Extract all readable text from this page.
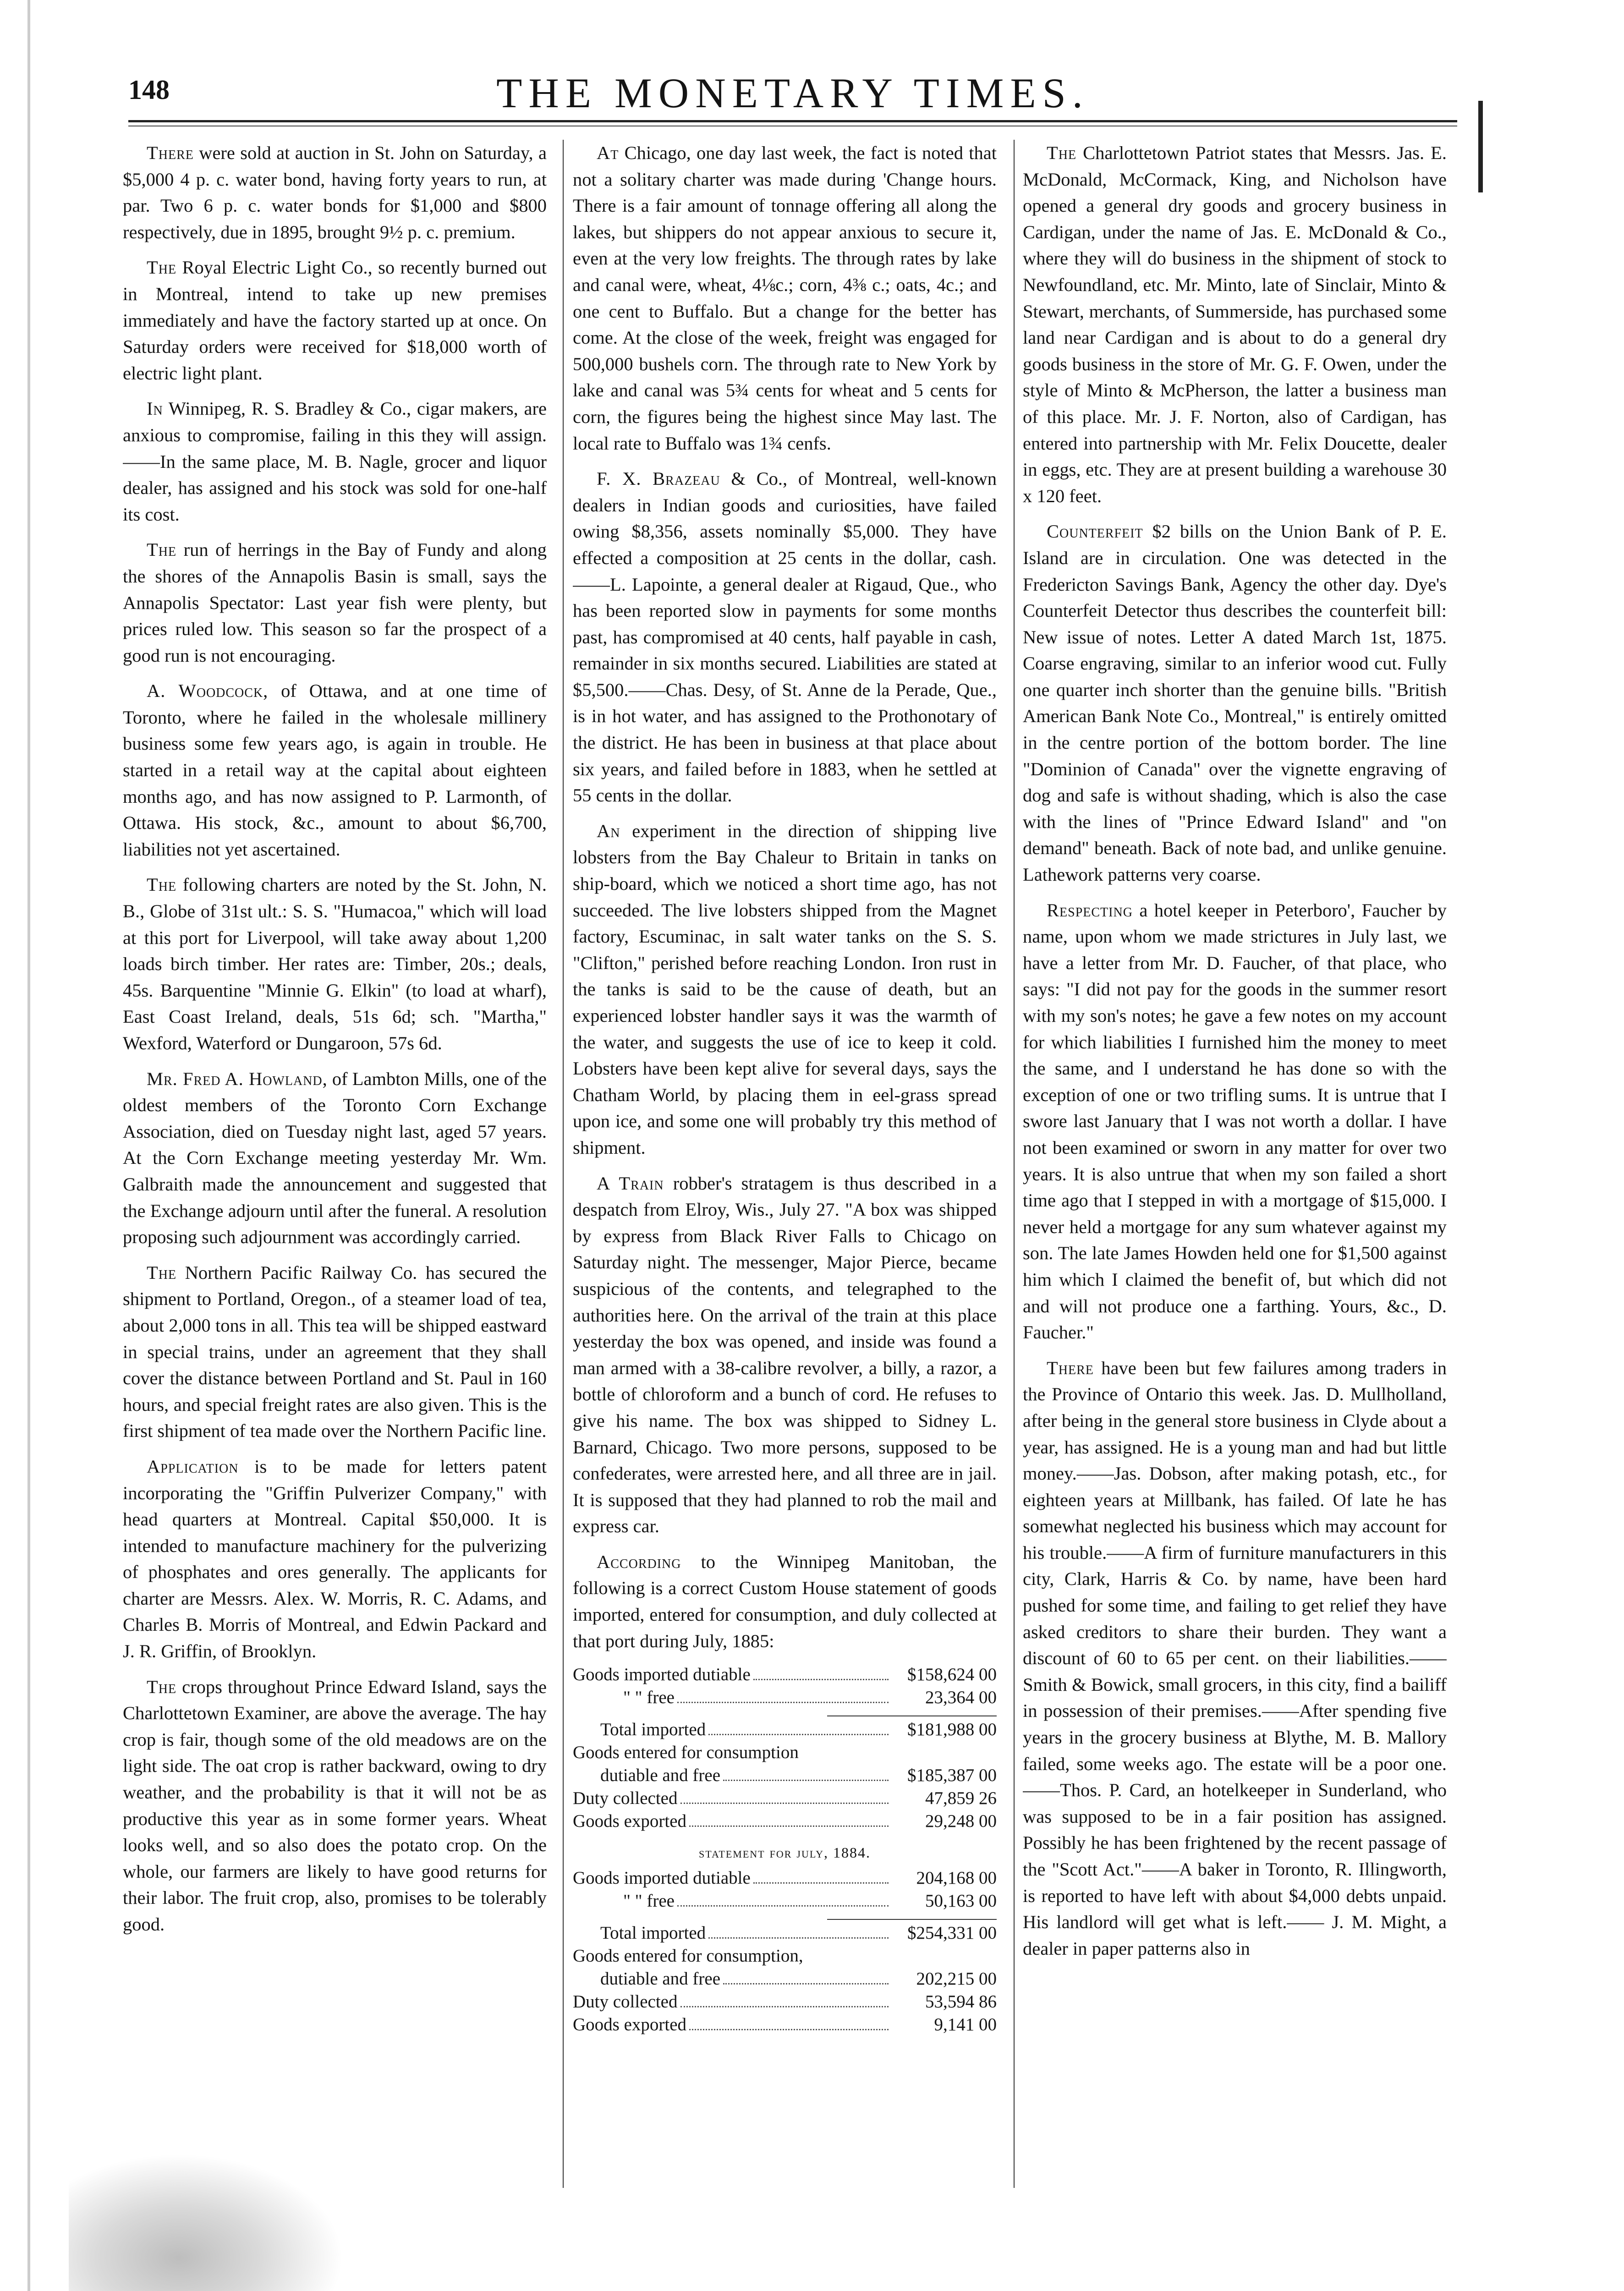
148	THE MONETARY TIMES.

There were sold at auction in St. John on Saturday, a $5,000 4 p. c. water bond, having forty years to run, at par. Two 6 p. c. water bonds for $1,000 and $800 respectively, due in 1895, brought 9½ p. c. premium.

The Royal Electric Light Co., so recently burned out in Montreal, intend to take up new premises immediately and have the factory started up at once. On Saturday orders were received for $18,000 worth of electric light plant.

In Winnipeg, R. S. Bradley & Co., cigar makers, are anxious to compromise, failing in this they will assign.——In the same place, M. B. Nagle, grocer and liquor dealer, has assigned and his stock was sold for one-half its cost.

The run of herrings in the Bay of Fundy and along the shores of the Annapolis Basin is small, says the Annapolis Spectator: Last year fish were plenty, but prices ruled low. This season so far the prospect of a good run is not encouraging.

A. Woodcock, of Ottawa, and at one time of Toronto, where he failed in the wholesale millinery business some few years ago, is again in trouble. He started in a retail way at the capital about eighteen months ago, and has now assigned to P. Larmonth, of Ottawa. His stock, &c., amount to about $6,700, liabilities not yet ascertained.

The following charters are noted by the St. John, N. B., Globe of 31st ult.: S. S. "Humacoa," which will load at this port for Liverpool, will take away about 1,200 loads birch timber. Her rates are: Timber, 20s.; deals, 45s. Barquentine "Minnie G. Elkin" (to load at wharf), East Coast Ireland, deals, 51s 6d; sch. "Martha," Wexford, Waterford or Dungaroon, 57s 6d.

Mr. Fred A. Howland, of Lambton Mills, one of the oldest members of the Toronto Corn Exchange Association, died on Tuesday night last, aged 57 years. At the Corn Exchange meeting yesterday Mr. Wm. Galbraith made the announcement and suggested that the Exchange adjourn until after the funeral. A resolution proposing such adjournment was accordingly carried.

The Northern Pacific Railway Co. has secured the shipment to Portland, Oregon., of a steamer load of tea, about 2,000 tons in all. This tea will be shipped eastward in special trains, under an agreement that they shall cover the distance between Portland and St. Paul in 160 hours, and special freight rates are also given. This is the first shipment of tea made over the Northern Pacific line.

Application is to be made for letters patent incorporating the "Griffin Pulverizer Company," with head quarters at Montreal. Capital $50,000. It is intended to manufacture machinery for the pulverizing of phosphates and ores generally. The applicants for charter are Messrs. Alex. W. Morris, R. C. Adams, and Charles B. Morris of Montreal, and Edwin Packard and J. R. Griffin, of Brooklyn.

The crops throughout Prince Edward Island, says the Charlottetown Examiner, are above the average. The hay crop is fair, though some of the old meadows are on the light side. The oat crop is rather backward, owing to dry weather, and the probability is that it will not be as productive this year as in some former years. Wheat looks well, and so also does the potato crop. On the whole, our farmers are likely to have good returns for their labor. The fruit crop, also, promises to be tolerably good.

At Chicago, one day last week, the fact is noted that not a solitary charter was made during 'Change hours. There is a fair amount of tonnage offering all along the lakes, but shippers do not appear anxious to secure it, even at the very low freights. The through rates by lake and canal were, wheat, 4⅛c.; corn, 4⅜ c.; oats, 4c.; and one cent to Buffalo. But a change for the better has come. At the close of the week, freight was engaged for 500,000 bushels corn. The through rate to New York by lake and canal was 5¾ cents for wheat and 5 cents for corn, the figures being the highest since May last. The local rate to Buffalo was 1¾ cenfs.

F. X. Brazeau & Co., of Montreal, well-known dealers in Indian goods and curiosities, have failed owing $8,356, assets nominally $5,000. They have effected a composition at 25 cents in the dollar, cash.——L. Lapointe, a general dealer at Rigaud, Que., who has been reported slow in payments for some months past, has compromised at 40 cents, half payable in cash, remainder in six months secured. Liabilities are stated at $5,500.——Chas. Desy, of St. Anne de la Perade, Que., is in hot water, and has assigned to the Prothonotary of the district. He has been in business at that place about six years, and failed before in 1883, when he settled at 55 cents in the dollar.

An experiment in the direction of shipping live lobsters from the Bay Chaleur to Britain in tanks on ship-board, which we noticed a short time ago, has not succeeded. The live lobsters shipped from the Magnet factory, Escuminac, in salt water tanks on the S. S. "Clifton," perished before reaching London. Iron rust in the tanks is said to be the cause of death, but an experienced lobster handler says it was the warmth of the water, and suggests the use of ice to keep it cold. Lobsters have been kept alive for several days, says the Chatham World, by placing them in eel-grass spread upon ice, and some one will probably try this method of shipment.

A Train robber's stratagem is thus described in a despatch from Elroy, Wis., July 27. "A box was shipped by express from Black River Falls to Chicago on Saturday night. The messenger, Major Pierce, became suspicious of the contents, and telegraphed to the authorities here. On the arrival of the train at this place yesterday the box was opened, and inside was found a man armed with a 38-calibre revolver, a billy, a razor, a bottle of chloroform and a bunch of cord. He refuses to give his name. The box was shipped to Sidney L. Barnard, Chicago. Two more persons, supposed to be confederates, were arrested here, and all three are in jail. It is supposed that they had planned to rob the mail and express car.

According to the Winnipeg Manitoban, the following is a correct Custom House statement of goods imported, entered for consumption, and duly collected at that port during July, 1885:

Goods imported dutiable	$158,624 00
" " free	23,364 00
Total imported	$181,988 00
Goods entered for consumption
dutiable and free	$185,387 00
Duty collected	47,859 26
Goods exported	29,248 00
statement for july, 1884.
Goods imported dutiable	204,168 00
" " free	50,163 00
Total imported	$254,331 00
Goods entered for consumption,
dutiable and free	202,215 00
Duty collected	53,594 86
Goods exported	9,141 00

The Charlottetown Patriot states that Messrs. Jas. E. McDonald, McCormack, King, and Nicholson have opened a general dry goods and grocery business in Cardigan, under the name of Jas. E. McDonald & Co., where they will do business in the shipment of stock to Newfoundland, etc. Mr. Minto, late of Sinclair, Minto & Stewart, merchants, of Summerside, has purchased some land near Cardigan and is about to do a general dry goods business in the store of Mr. G. F. Owen, under the style of Minto & McPherson, the latter a business man of this place. Mr. J. F. Norton, also of Cardigan, has entered into partnership with Mr. Felix Doucette, dealer in eggs, etc. They are at present building a warehouse 30 x 120 feet.

Counterfeit $2 bills on the Union Bank of P. E. Island are in circulation. One was detected in the Fredericton Savings Bank, Agency the other day. Dye's Counterfeit Detector thus describes the counterfeit bill: New issue of notes. Letter A dated March 1st, 1875. Coarse engraving, similar to an inferior wood cut. Fully one quarter inch shorter than the genuine bills. "British American Bank Note Co., Montreal," is entirely omitted in the centre portion of the bottom border. The line "Dominion of Canada" over the vignette engraving of dog and safe is without shading, which is also the case with the lines of "Prince Edward Island" and "on demand" beneath. Back of note bad, and unlike genuine. Lathework patterns very coarse.

Respecting a hotel keeper in Peterboro', Faucher by name, upon whom we made strictures in July last, we have a letter from Mr. D. Faucher, of that place, who says: "I did not pay for the goods in the summer resort with my son's notes; he gave a few notes on my account for which liabilities I furnished him the money to meet the same, and I understand he has done so with the exception of one or two trifling sums. It is untrue that I swore last January that I was not worth a dollar. I have not been examined or sworn in any matter for over two years. It is also untrue that when my son failed a short time ago that I stepped in with a mortgage of $15,000. I never held a mortgage for any sum whatever against my son. The late James Howden held one for $1,500 against him which I claimed the benefit of, but which did not and will not produce one a farthing. Yours, &c., D. Faucher."

There have been but few failures among traders in the Province of Ontario this week. Jas. D. Mullholland, after being in the general store business in Clyde about a year, has assigned. He is a young man and had but little money.——Jas. Dobson, after making potash, etc., for eighteen years at Millbank, has failed. Of late he has somewhat neglected his business which may account for his trouble.——A firm of furniture manufacturers in this city, Clark, Harris & Co. by name, have been hard pushed for some time, and failing to get relief they have asked creditors to share their burden. They want a discount of 60 to 65 per cent. on their liabilities.——Smith & Bowick, small grocers, in this city, find a bailiff in possession of their premises.——After spending five years in the grocery business at Blythe, M. B. Mallory failed, some weeks ago. The estate will be a poor one.——Thos. P. Card, an hotelkeeper in Sunderland, who was supposed to be in a fair position has assigned. Possibly he has been frightened by the recent passage of the "Scott Act."——A baker in Toronto, R. Illingworth, is reported to have left with about $4,000 debts unpaid. His landlord will get what is left.—— J. M. Might, a dealer in paper patterns also in
